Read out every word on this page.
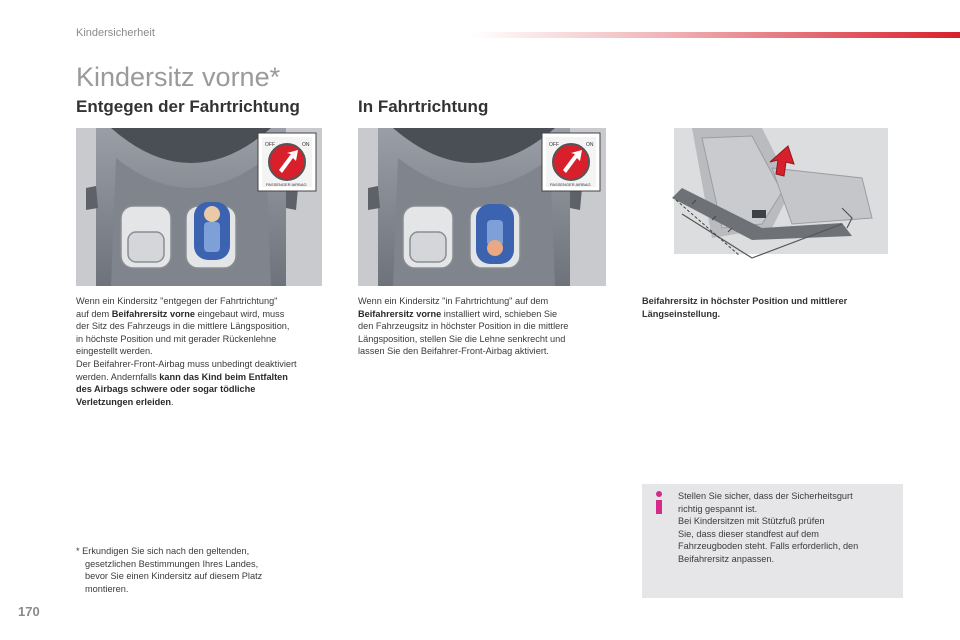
Kindersicherheit
Kindersitz vorne*
Entgegen der Fahrtrichtung	In Fahrtrichtung
OFF	ON
PASSENGER AIRBAG
OFF	ON
PASSENGER AIRBAG
Wenn ein Kindersitz "entgegen der Fahrtrichtung"
auf dem Beifahrersitz vorne eingebaut wird, muss
der Sitz des Fahrzeugs in die mittlere Längsposition,
in höchste Position und mit gerader Rückenlehne
eingestellt werden.
Der Beifahrer-Front-Airbag muss unbedingt deaktiviert
werden. Andernfalls kann das Kind beim Entfalten
des Airbags schwere oder sogar tödliche
Verletzungen erleiden.
Wenn ein Kindersitz "in Fahrtrichtung" auf dem
Beifahrersitz vorne installiert wird, schieben Sie
den Fahrzeugsitz in höchster Position in die mittlere
Längsposition, stellen Sie die Lehne senkrecht und
lassen Sie den Beifahrer-Front-Airbag aktiviert.
Beifahrersitz in höchster Position und mittlerer
Längseinstellung.
* Erkundigen Sie sich nach den geltenden,
gesetzlichen Bestimmungen Ihres Landes,
bevor Sie einen Kindersitz auf diesem Platz
montieren.
Stellen Sie sicher, dass der Sicherheitsgurt
richtig gespannt ist.
Bei Kindersitzen mit Stützfuß prüfen
Sie, dass dieser standfest auf dem
Fahrzeugboden steht. Falls erforderlich, den
Beifahrersitz anpassen.
170
